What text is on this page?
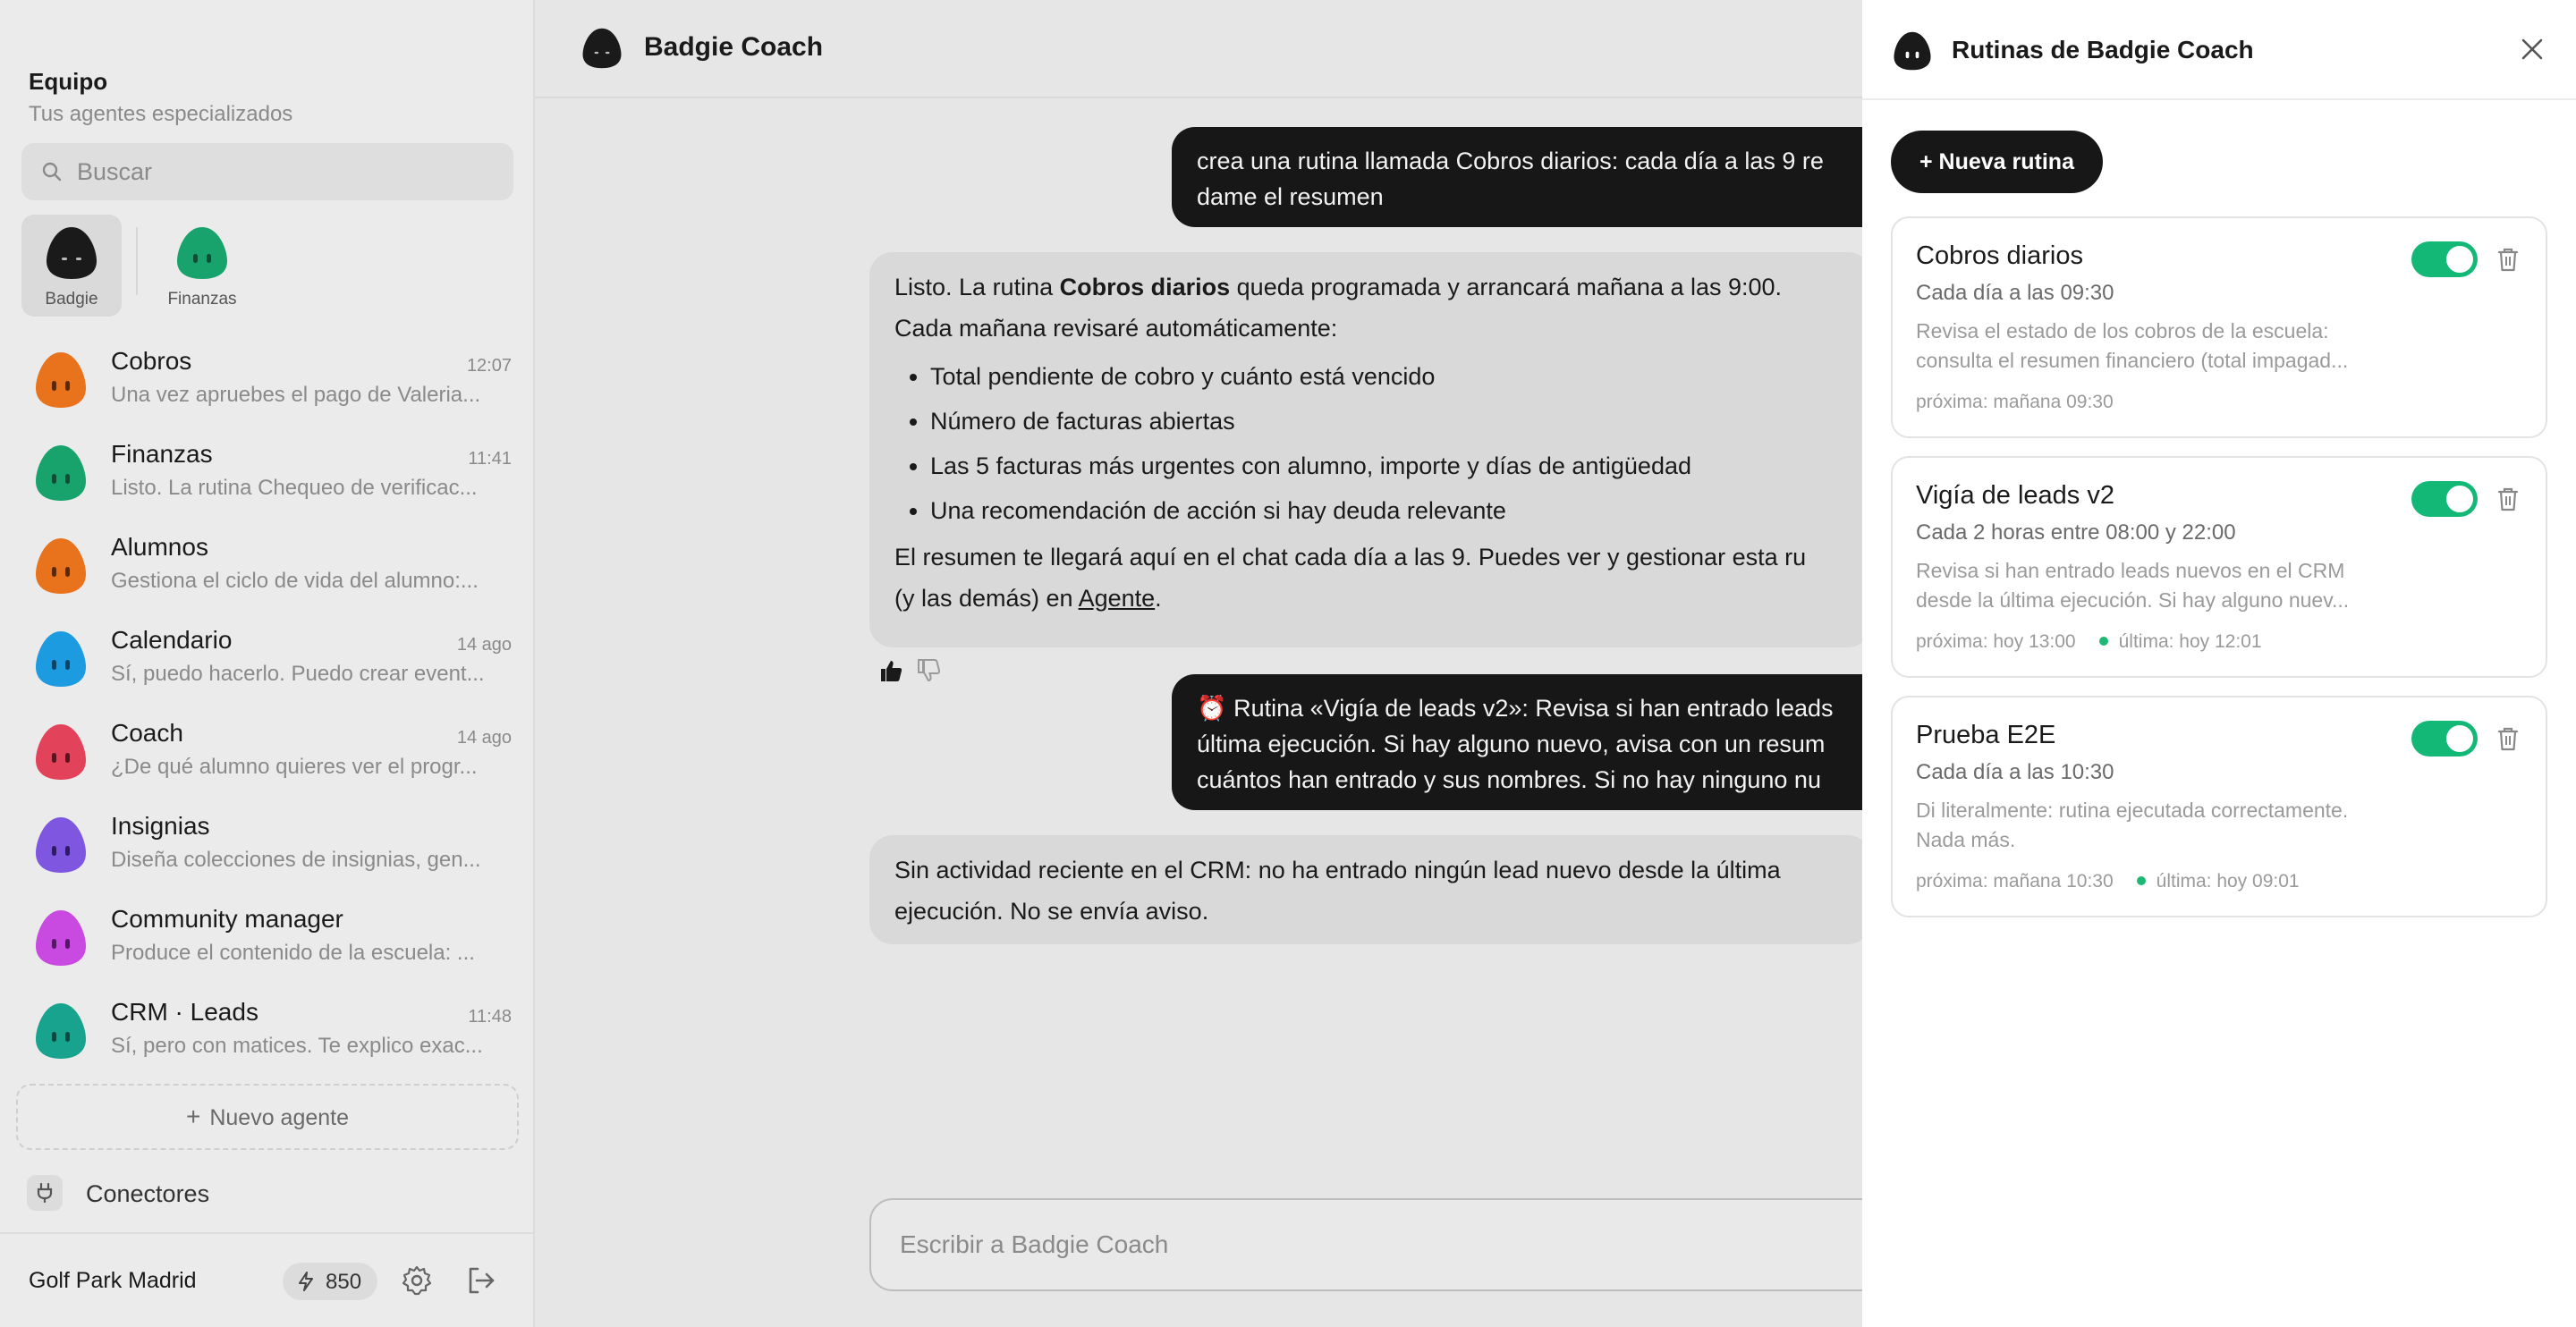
Equipo
Tus agentes especializados
Buscar
Badgie	Finanzas
Cobros	12:07
Una vez apruebes el pago de Valeria...
Finanzas	11:41
Listo. La rutina Chequeo de verificac...
Alumnos
Gestiona el ciclo de vida del alumno:...
Calendario	14 ago
Sí, puedo hacerlo. Puedo crear event...
Coach	14 ago
¿De qué alumno quieres ver el progr...
Insignias
Diseña colecciones de insignias, gen...
Community manager
Produce el contenido de la escuela: ...
CRM · Leads	11:48
Sí, pero con matices. Te explico exac...
+ Nuevo agente
Conectores
Golf Park Madrid	850
Badgie Coach
crea una rutina llamada Cobros diarios: cada día a las 9 re
dame el resumen

Listo. La rutina Cobros diarios queda programada y arrancará mañana a las 9:00.

Cada mañana revisaré automáticamente:

• Total pendiente de cobro y cuánto está vencido
• Número de facturas abiertas
• Las 5 facturas más urgentes con alumno, importe y días de antigüedad
• Una recomendación de acción si hay deuda relevante

El resumen te llegará aquí en el chat cada día a las 9. Puedes ver y gestionar esta ru

(y las demás) en Agente.

⏰ Rutina «Vigía de leads v2»: Revisa si han entrado leads
última ejecución. Si hay alguno nuevo, avisa con un resum
cuántos han entrado y sus nombres. Si no hay ninguno nu

Sin actividad reciente en el CRM: no ha entrado ningún lead nuevo desde la última

ejecución. No se envía aviso.

Escribir a Badgie Coach
Rutinas de Badgie Coach
+ Nueva rutina
Cobros diarios
Cada día a las 09:30
Revisa el estado de los cobros de la escuela:
consulta el resumen financiero (total impagad...
próxima: mañana 09:30
Vigía de leads v2
Cada 2 horas entre 08:00 y 22:00
Revisa si han entrado leads nuevos en el CRM
desde la última ejecución. Si hay alguno nuev...
próxima: hoy 13:00 última: hoy 12:01
Prueba E2E
Cada día a las 10:30
Di literalmente: rutina ejecutada correctamente.
Nada más.
próxima: mañana 10:30 última: hoy 09:01
